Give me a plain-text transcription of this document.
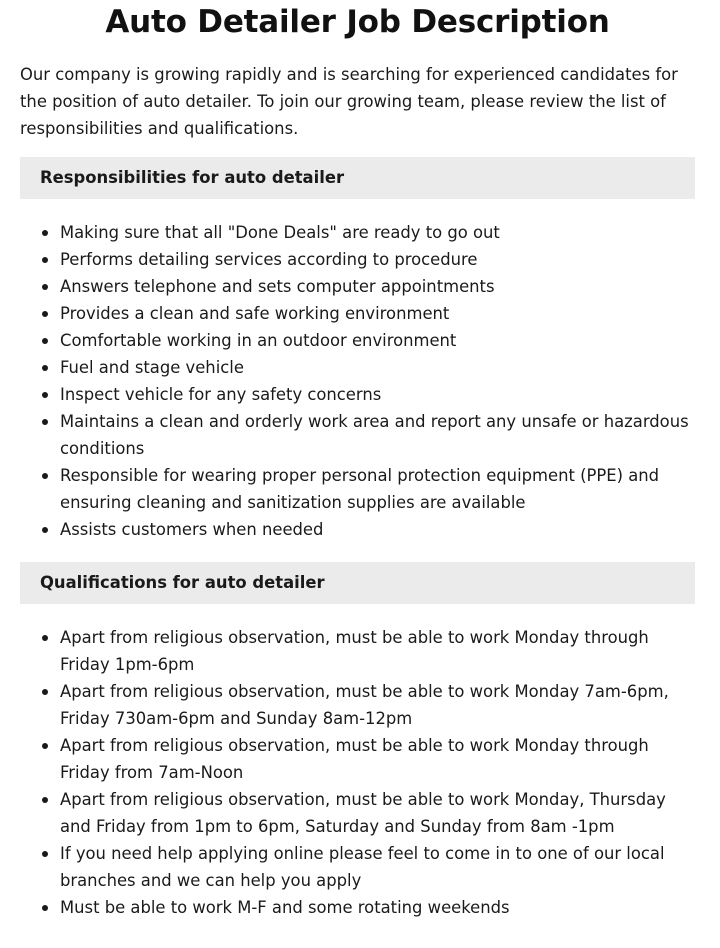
Auto Detailer Job Description

Our company is growing rapidly and is searching for experienced candidates for the position of auto detailer. To join our growing team, please review the list of responsibilities and qualifications.

Responsibilities for auto detailer
Making sure that all "Done Deals" are ready to go out
Performs detailing services according to procedure
Answers telephone and sets computer appointments
Provides a clean and safe working environment
Comfortable working in an outdoor environment
Fuel and stage vehicle
Inspect vehicle for any safety concerns
Maintains a clean and orderly work area and report any unsafe or hazardous conditions
Responsible for wearing proper personal protection equipment (PPE) and ensuring cleaning and sanitization supplies are available
Assists customers when needed
Qualifications for auto detailer
Apart from religious observation, must be able to work Monday through Friday 1pm-6pm
Apart from religious observation, must be able to work Monday 7am-6pm, Friday 730am-6pm and Sunday 8am-12pm
Apart from religious observation, must be able to work Monday through Friday from 7am-Noon
Apart from religious observation, must be able to work Monday, Thursday and Friday from 1pm to 6pm, Saturday and Sunday from 8am -1pm
If you need help applying online please feel to come in to one of our local branches and we can help you apply
Must be able to work M-F and some rotating weekends
